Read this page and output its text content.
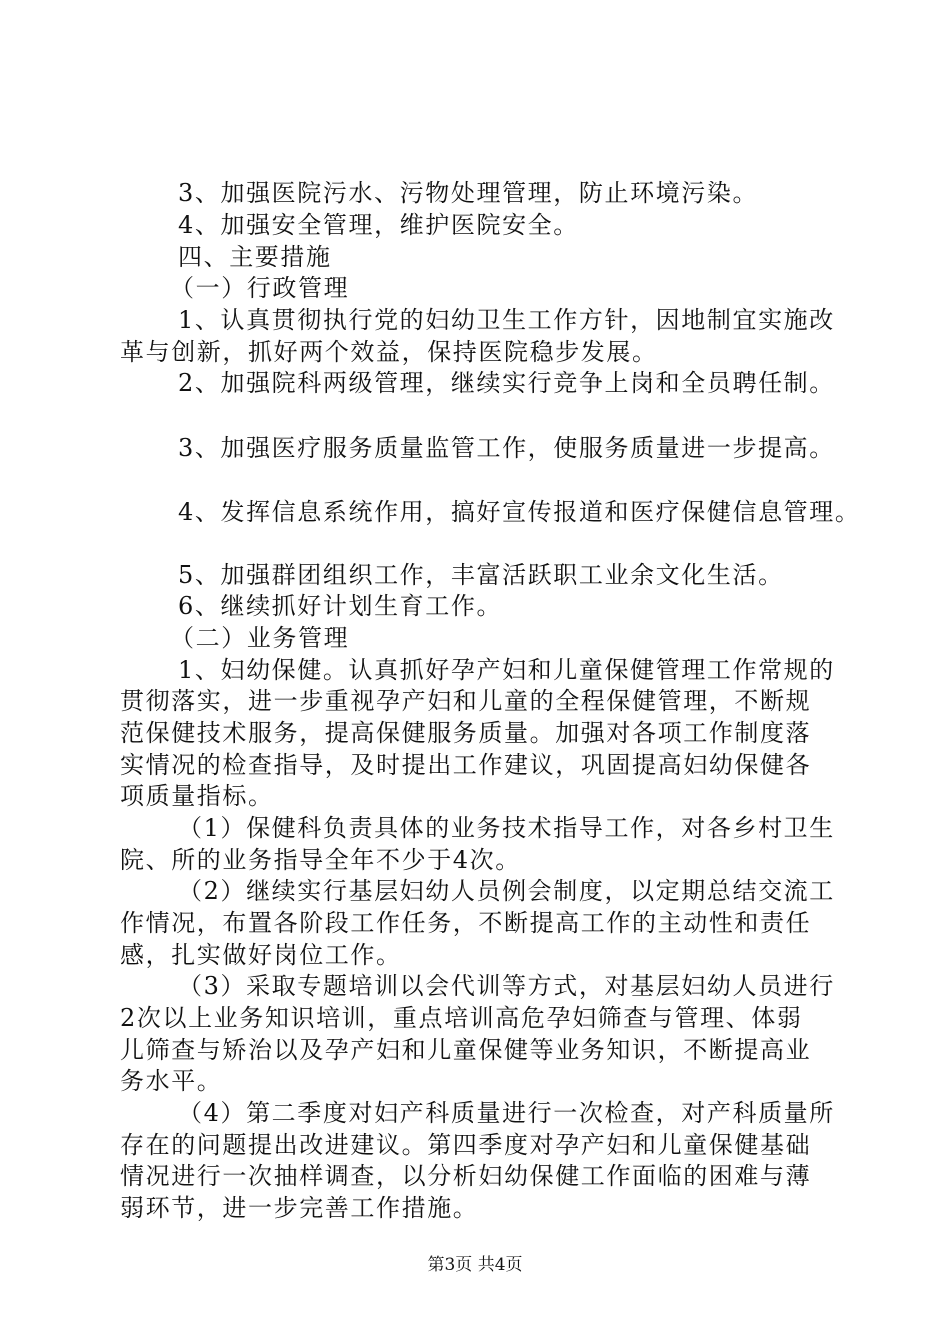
3、加强医院污水、污物处理管理，防止环境污染。
4、加强安全管理，维护医院安全。
四、主要措施
（一）行政管理
1、认真贯彻执行党的妇幼卫生工作方针，因地制宜实施改
革与创新，抓好两个效益，保持医院稳步发展。
2、加强院科两级管理，继续实行竞争上岗和全员聘任制。
3、加强医疗服务质量监管工作，使服务质量进一步提高。
4、发挥信息系统作用，搞好宣传报道和医疗保健信息管理。
5、加强群团组织工作，丰富活跃职工业余文化生活。
6、继续抓好计划生育工作。
（二）业务管理
1、妇幼保健。认真抓好孕产妇和儿童保健管理工作常规的
贯彻落实，进一步重视孕产妇和儿童的全程保健管理，不断规
范保健技术服务，提高保健服务质量。加强对各项工作制度落
实情况的检查指导，及时提出工作建议，巩固提高妇幼保健各
项质量指标。
（1）保健科负责具体的业务技术指导工作，对各乡村卫生
院、所的业务指导全年不少于4次。
（2）继续实行基层妇幼人员例会制度，以定期总结交流工
作情况，布置各阶段工作任务，不断提高工作的主动性和责任
感，扎实做好岗位工作。
（3）采取专题培训以会代训等方式，对基层妇幼人员进行
2次以上业务知识培训，重点培训高危孕妇筛查与管理、体弱
儿筛查与矫治以及孕产妇和儿童保健等业务知识，不断提高业
务水平。
（4）第二季度对妇产科质量进行一次检查，对产科质量所
存在的问题提出改进建议。第四季度对孕产妇和儿童保健基础
情况进行一次抽样调查，以分析妇幼保健工作面临的困难与薄
弱环节，进一步完善工作措施。
第3页 共4页
